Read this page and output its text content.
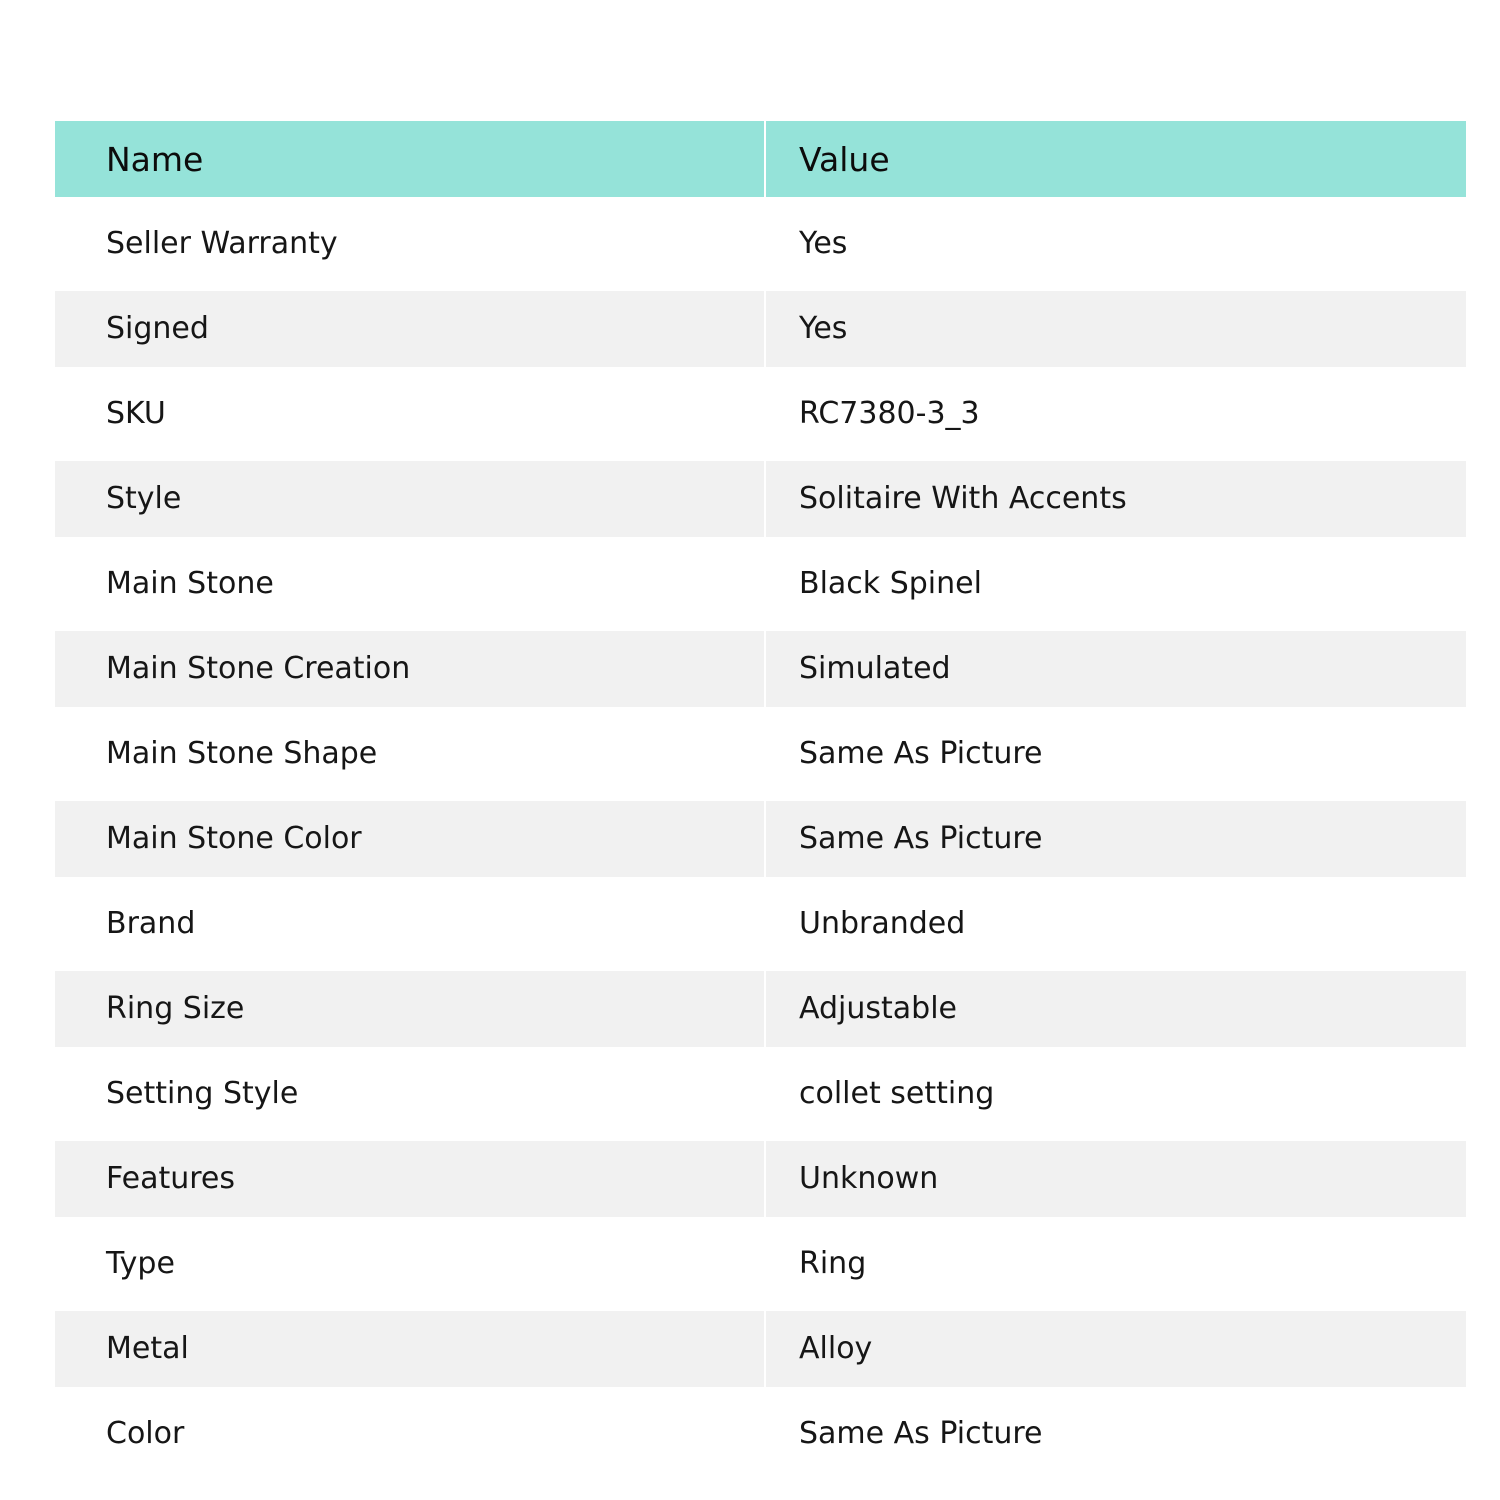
Name	Value
Seller Warranty	Yes
Signed	Yes
SKU	RC7380-3_3
Style	Solitaire With Accents
Main Stone	Black Spinel
Main Stone Creation	Simulated
Main Stone Shape	Same As Picture
Main Stone Color	Same As Picture
Brand	Unbranded
Ring Size	Adjustable
Setting Style	collet setting
Features	Unknown
Type	Ring
Metal	Alloy
Color	Same As Picture
